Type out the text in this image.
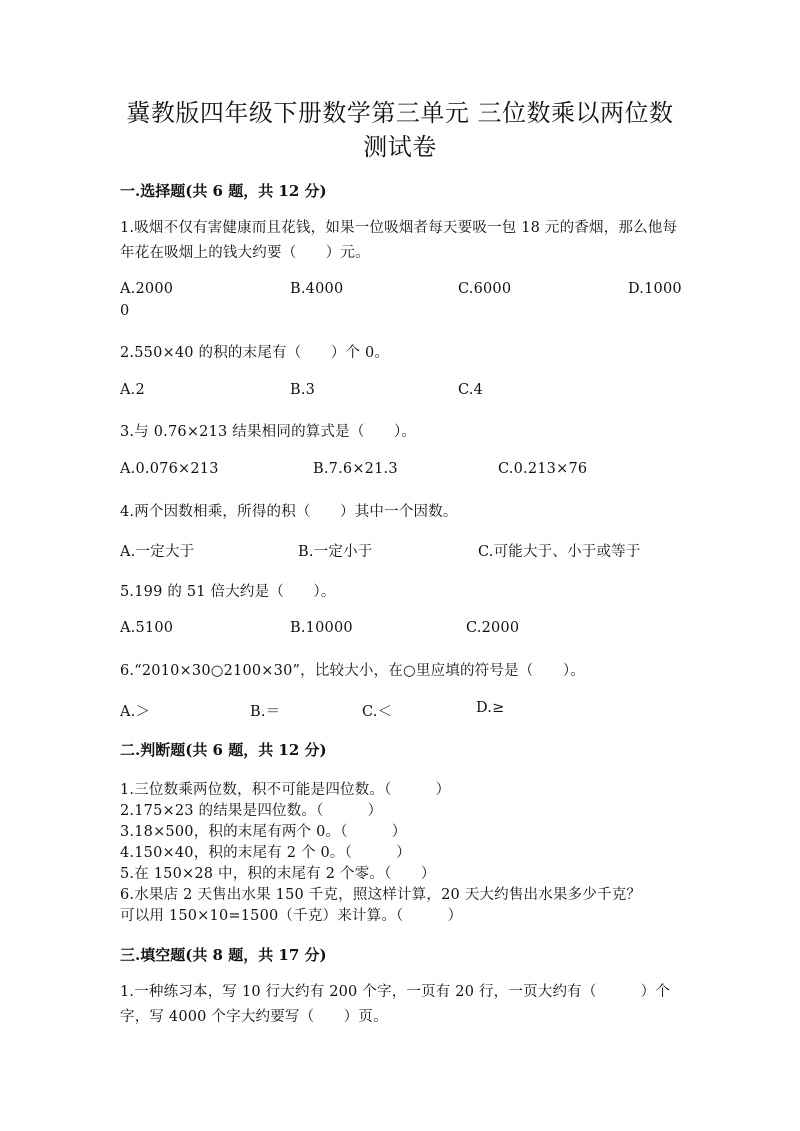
冀教版四年级下册数学第三单元 三位数乘以两位数
测试卷
一.选择题(共 6 题，共 12 分)
1.吸烟不仅有害健康而且花钱，如果一位吸烟者每天要吸一包 18 元的香烟，那么他每年花在吸烟上的钱大约要（　　）元。
A.2000	B.4000	C.6000	D.1000
0
2.550×40 的积的末尾有（　　）个 0。
A.2	B.3	C.4
3.与 0.76×213 结果相同的算式是（　　）。
A.0.076×213	B.7.6×21.3	C.0.213×76
4.两个因数相乘，所得的积（　　）其中一个因数。
A.一定大于	B.一定小于	C.可能大于、小于或等于
5.199 的 51 倍大约是（　　）。
A.5100	B.10000	C.2000
6.“2010×30○2100×30”，比较大小，在○里应填的符号是（　　）。
A.＞	B.＝	C.＜	D.≥
二.判断题(共 6 题，共 12 分)
1.三位数乘两位数，积不可能是四位数。（　　　）
2.175×23 的结果是四位数。（　　　）
3.18×500，积的末尾有两个 0。（　　　）
4.150×40，积的末尾有 2 个 0。（　　　）
5.在 150×28 中，积的末尾有 2 个零。（　　）
6.水果店 2 天售出水果 150 千克，照这样计算，20 天大约售出水果多少千克？
可以用 150×10=1500（千克）来计算。（　　　）
三.填空题(共 8 题，共 17 分)
1.一种练习本，写 10 行大约有 200 个字，一页有 20 行，一页大约有（　　　）个字，写 4000 个字大约要写（　　）页。
